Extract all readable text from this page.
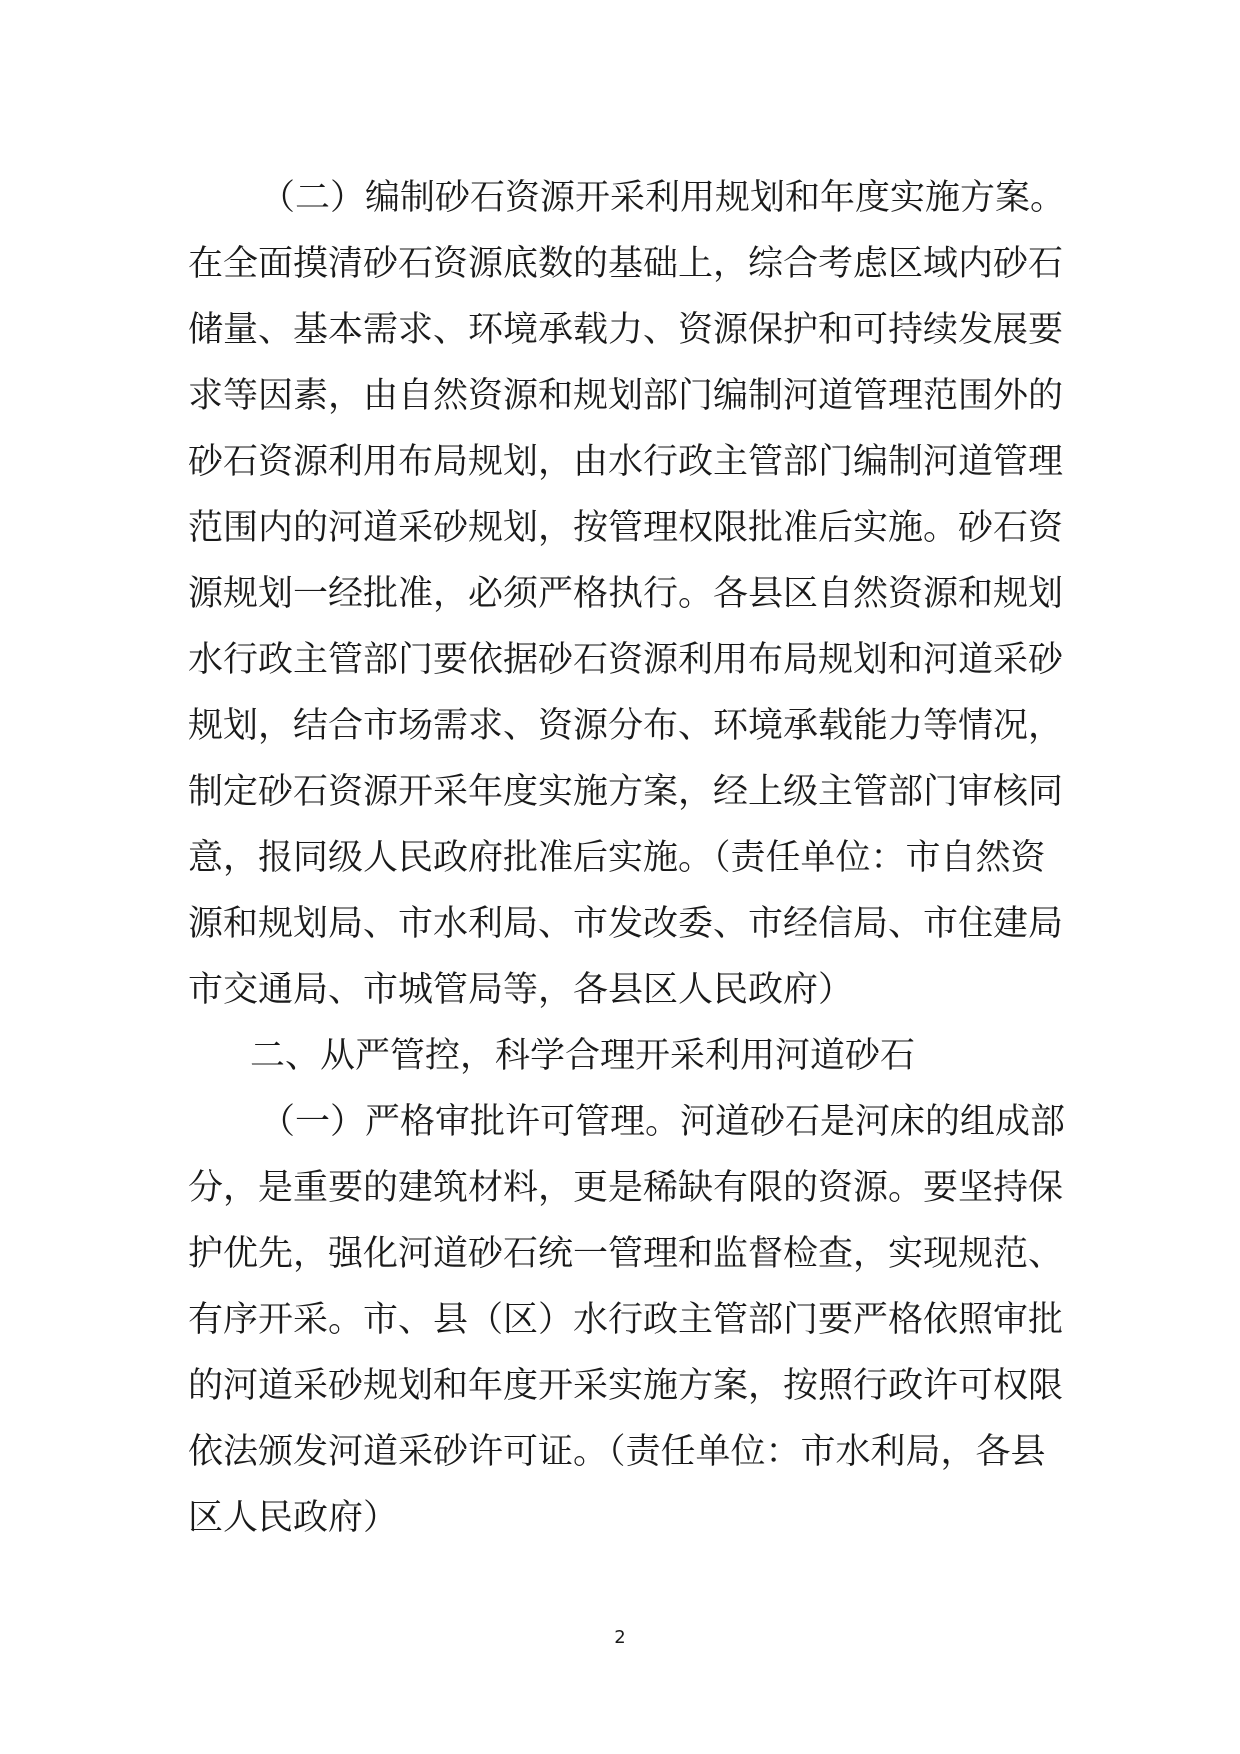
（二）编制砂石资源开采利用规划和年度实施方案。
在全面摸清砂石资源底数的基础上，综合考虑区域内砂石
储量、基本需求、环境承载力、资源保护和可持续发展要
求等因素，由自然资源和规划部门编制河道管理范围外的
砂石资源利用布局规划，由水行政主管部门编制河道管理
范围内的河道采砂规划，按管理权限批准后实施。砂石资
源规划一经批准，必须严格执行。各县区自然资源和规划
水行政主管部门要依据砂石资源利用布局规划和河道采砂
规划，结合市场需求、资源分布、环境承载能力等情况，
制定砂石资源开采年度实施方案，经上级主管部门审核同
意，报同级人民政府批准后实施。（责任单位：市自然资
源和规划局、市水利局、市发改委、市经信局、市住建局
市交通局、市城管局等，各县区人民政府）
二、从严管控，科学合理开采利用河道砂石
（一）严格审批许可管理。河道砂石是河床的组成部
分，是重要的建筑材料，更是稀缺有限的资源。要坚持保
护优先，强化河道砂石统一管理和监督检查，实现规范、
有序开采。市、县（区）水行政主管部门要严格依照审批
的河道采砂规划和年度开采实施方案，按照行政许可权限
依法颁发河道采砂许可证。（责任单位：市水利局，各县
区人民政府）
2
